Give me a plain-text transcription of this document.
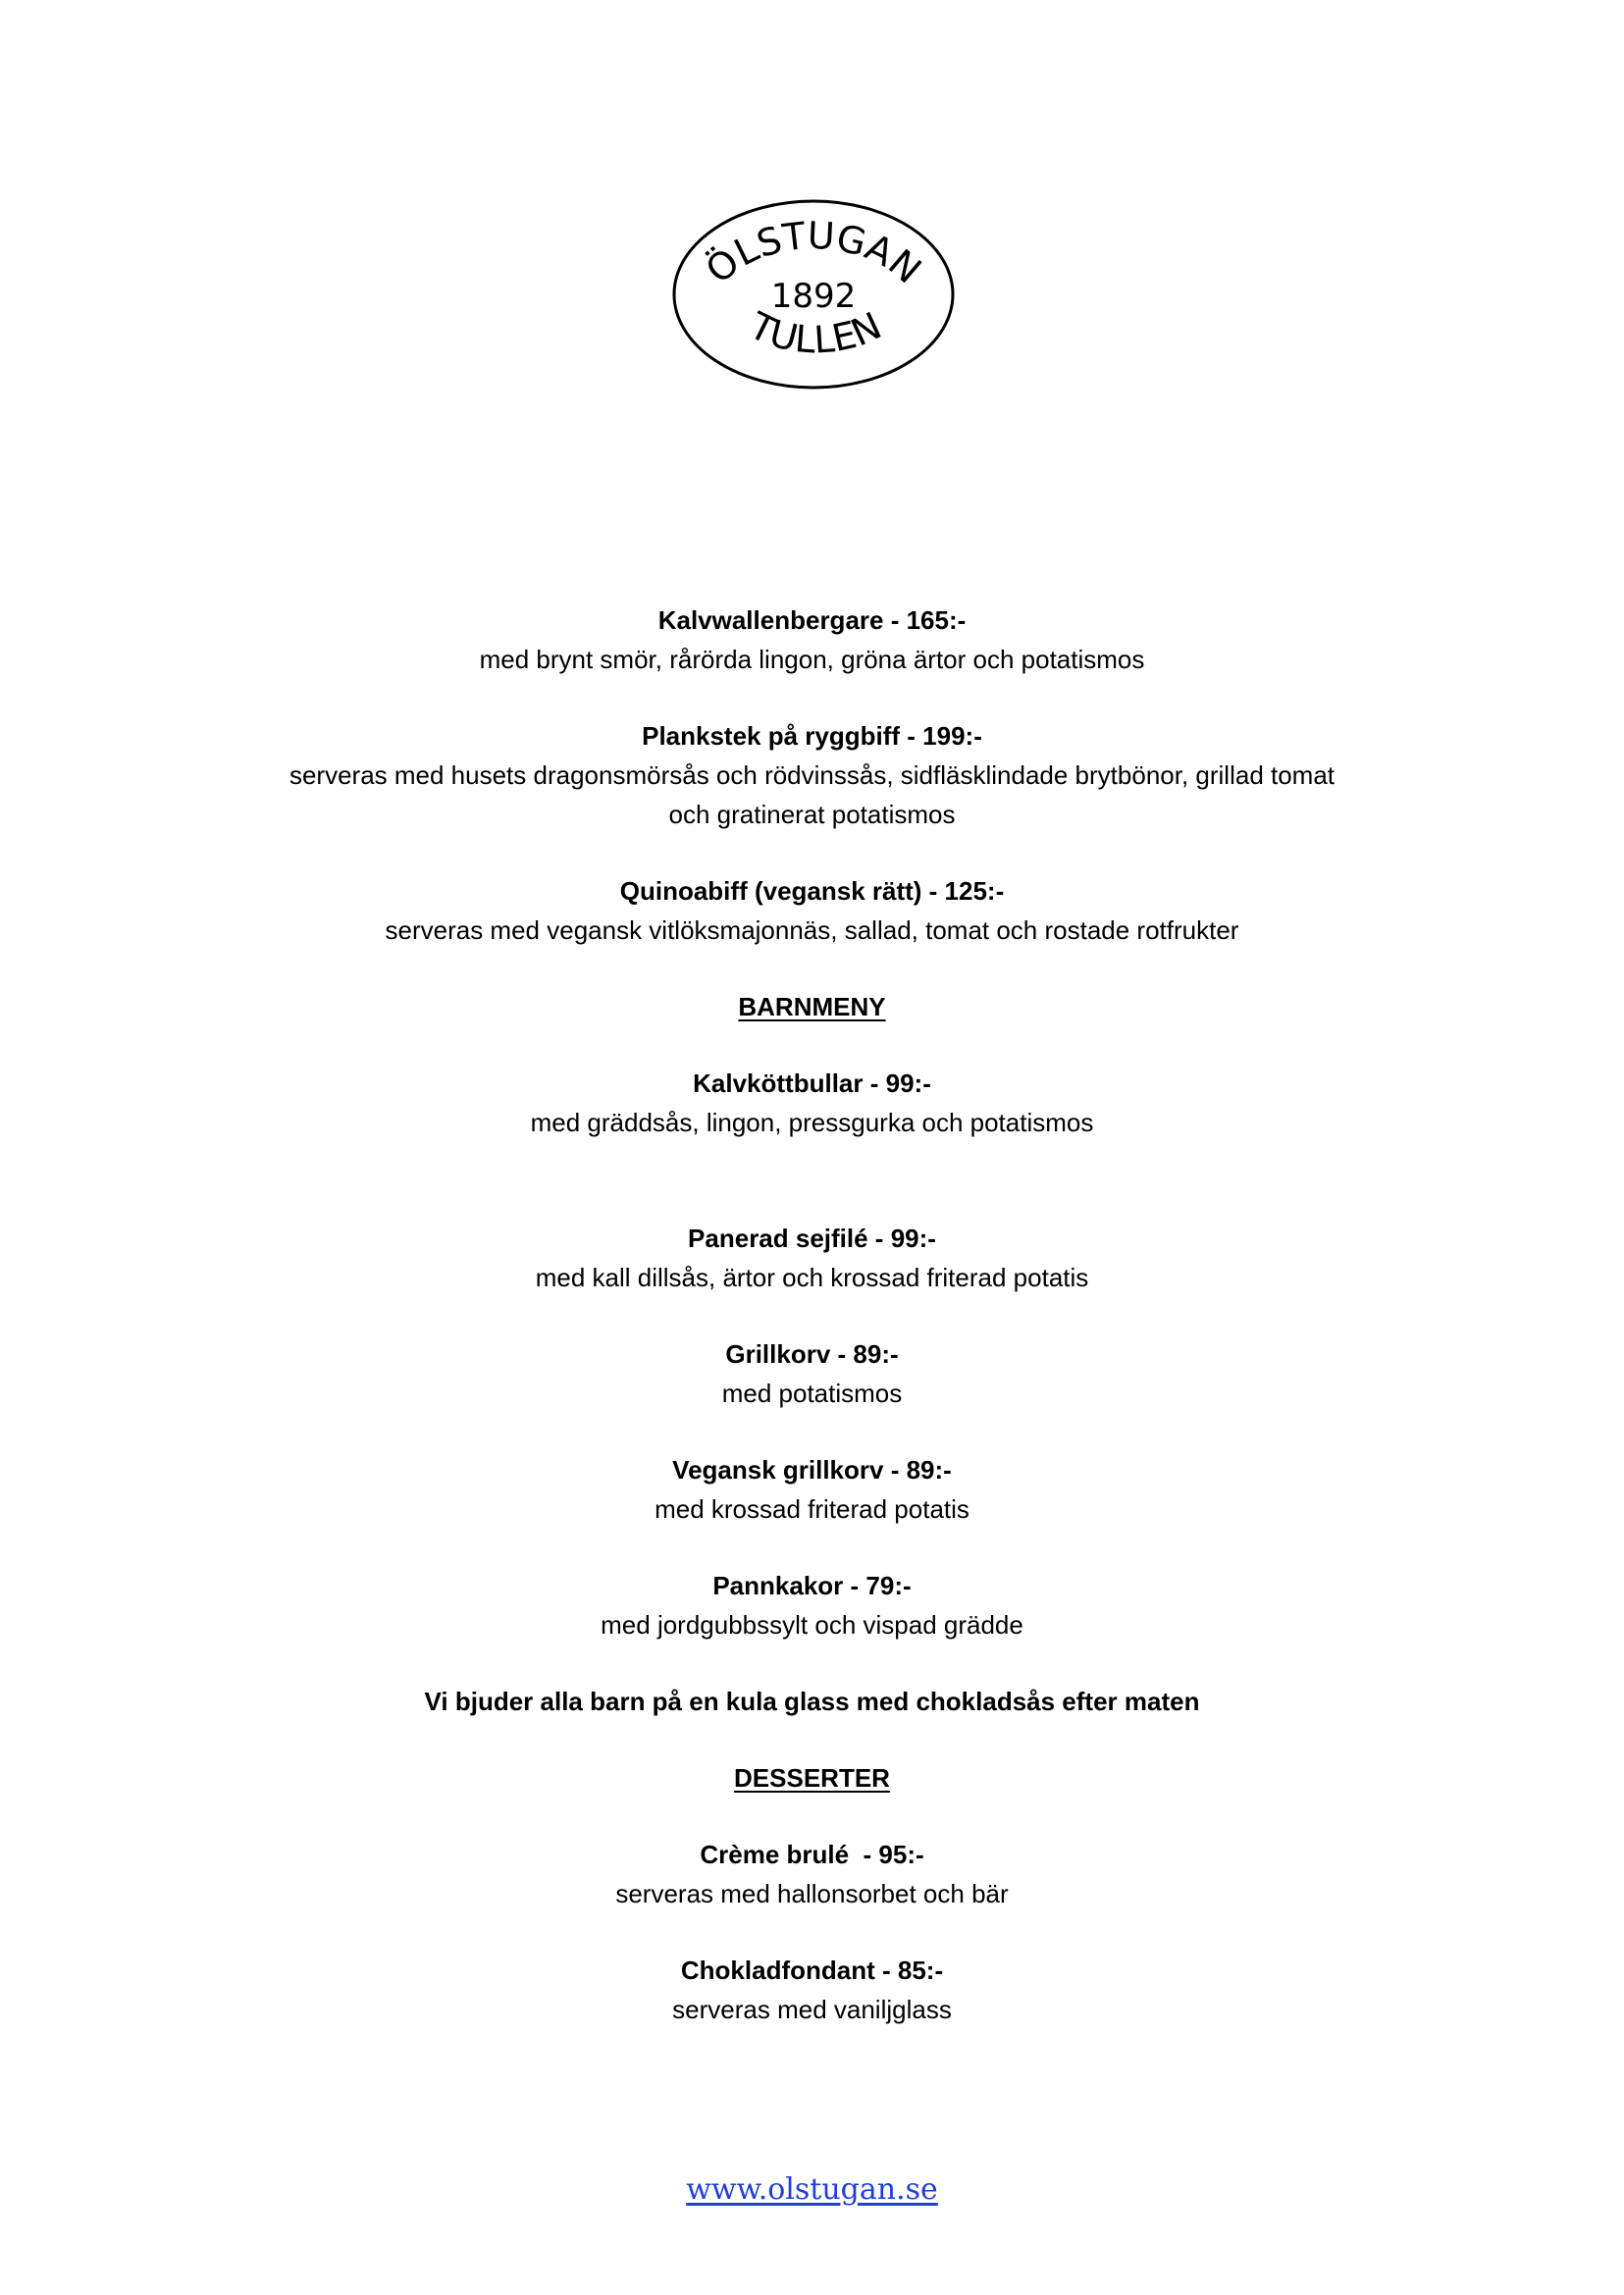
ÖLSTUGAN
1892
TULLEN
Kalvwallenbergare - 165:-
med brynt smör, rårörda lingon, gröna ärtor och potatismos
Plankstek på ryggbiff - 199:-
serveras med husets dragonsmörsås och rödvinssås, sidfläsklindade brytbönor, grillad tomat
och gratinerat potatismos
Quinoabiff (vegansk rätt) - 125:-
serveras med vegansk vitlöksmajonnäs, sallad, tomat och rostade rotfrukter
BARNMENY
Kalvköttbullar - 99:-
med gräddsås, lingon, pressgurka och potatismos
Panerad sejfilé - 99:-
med kall dillsås, ärtor och krossad friterad potatis
Grillkorv - 89:-
med potatismos
Vegansk grillkorv - 89:-
med krossad friterad potatis
Pannkakor - 79:-
med jordgubbssylt och vispad grädde
Vi bjuder alla barn på en kula glass med chokladsås efter maten
DESSERTER
Crème brulé  - 95:-
serveras med hallonsorbet och bär
Chokladfondant - 85:-
serveras med vaniljglass
www.olstugan.se
